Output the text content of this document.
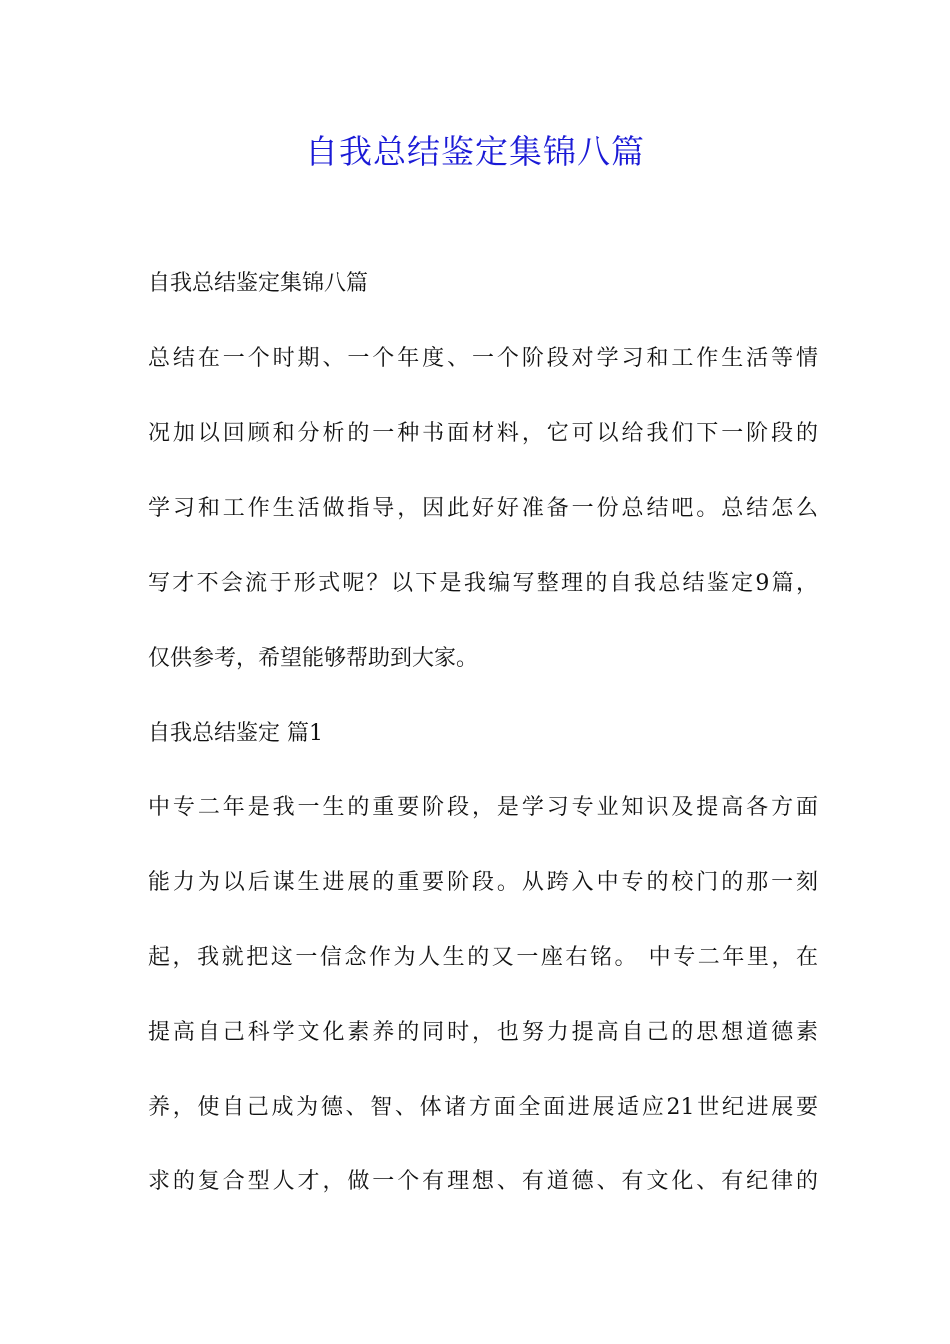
自我总结鉴定集锦八篇
自我总结鉴定集锦八篇
总结在一个时期、一个年度、一个阶段对学习和工作生活等情
况加以回顾和分析的一种书面材料，它可以给我们下一阶段的
学习和工作生活做指导，因此好好准备一份总结吧。总结怎么
写才不会流于形式呢？以下是我编写整理的自我总结鉴定9篇，
仅供参考，希望能够帮助到大家。
自我总结鉴定 篇1
中专二年是我一生的重要阶段，是学习专业知识及提高各方面
能力为以后谋生进展的重要阶段。从跨入中专的校门的那一刻
起，我就把这一信念作为人生的又一座右铭。 中专二年里，在
提高自己科学文化素养的同时，也努力提高自己的思想道德素
养，使自己成为德、智、体诸方面全面进展适应21世纪进展要
求的复合型人才，做一个有理想、有道德、有文化、有纪律的
